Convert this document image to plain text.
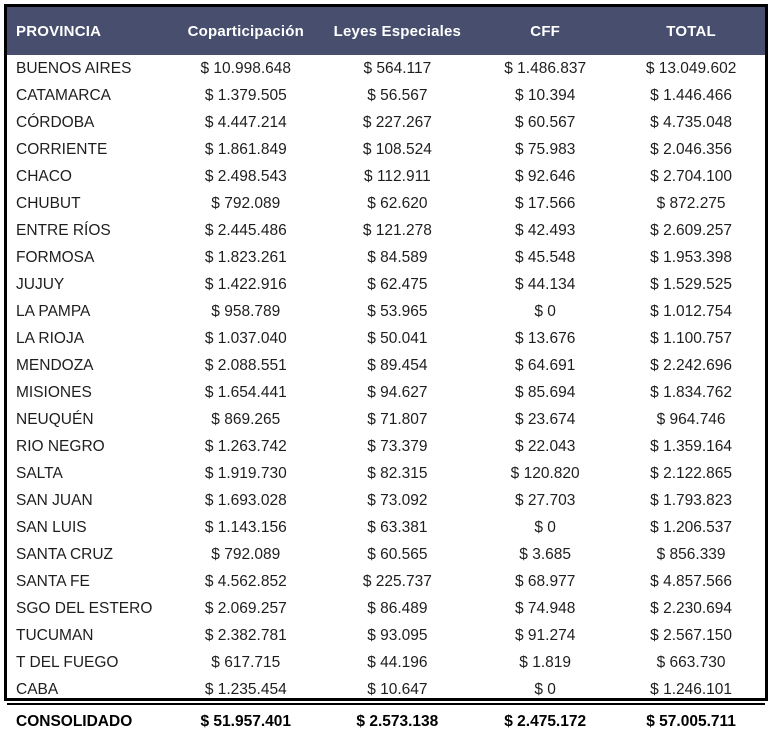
PROVINCIA	Coparticipación	Leyes Especiales	CFF	TOTAL
BUENOS AIRES	$ 10.998.648	$ 564.117	$ 1.486.837	$ 13.049.602
CATAMARCA	$ 1.379.505	$ 56.567	$ 10.394	$ 1.446.466
CÓRDOBA	$ 4.447.214	$ 227.267	$ 60.567	$ 4.735.048
CORRIENTE	$ 1.861.849	$ 108.524	$ 75.983	$ 2.046.356
CHACO	$ 2.498.543	$ 112.911	$ 92.646	$ 2.704.100
CHUBUT	$ 792.089	$ 62.620	$ 17.566	$ 872.275
ENTRE RÍOS	$ 2.445.486	$ 121.278	$ 42.493	$ 2.609.257
FORMOSA	$ 1.823.261	$ 84.589	$ 45.548	$ 1.953.398
JUJUY	$ 1.422.916	$ 62.475	$ 44.134	$ 1.529.525
LA PAMPA	$ 958.789	$ 53.965	$ 0	$ 1.012.754
LA RIOJA	$ 1.037.040	$ 50.041	$ 13.676	$ 1.100.757
MENDOZA	$ 2.088.551	$ 89.454	$ 64.691	$ 2.242.696
MISIONES	$ 1.654.441	$ 94.627	$ 85.694	$ 1.834.762
NEUQUÉN	$ 869.265	$ 71.807	$ 23.674	$ 964.746
RIO NEGRO	$ 1.263.742	$ 73.379	$ 22.043	$ 1.359.164
SALTA	$ 1.919.730	$ 82.315	$ 120.820	$ 2.122.865
SAN JUAN	$ 1.693.028	$ 73.092	$ 27.703	$ 1.793.823
SAN LUIS	$ 1.143.156	$ 63.381	$ 0	$ 1.206.537
SANTA CRUZ	$ 792.089	$ 60.565	$ 3.685	$ 856.339
SANTA FE	$ 4.562.852	$ 225.737	$ 68.977	$ 4.857.566
SGO DEL ESTERO	$ 2.069.257	$ 86.489	$ 74.948	$ 2.230.694
TUCUMAN	$ 2.382.781	$ 93.095	$ 91.274	$ 2.567.150
T DEL FUEGO	$ 617.715	$ 44.196	$ 1.819	$ 663.730
CABA	$ 1.235.454	$ 10.647	$ 0	$ 1.246.101
CONSOLIDADO	$ 51.957.401	$ 2.573.138	$ 2.475.172	$ 57.005.711
